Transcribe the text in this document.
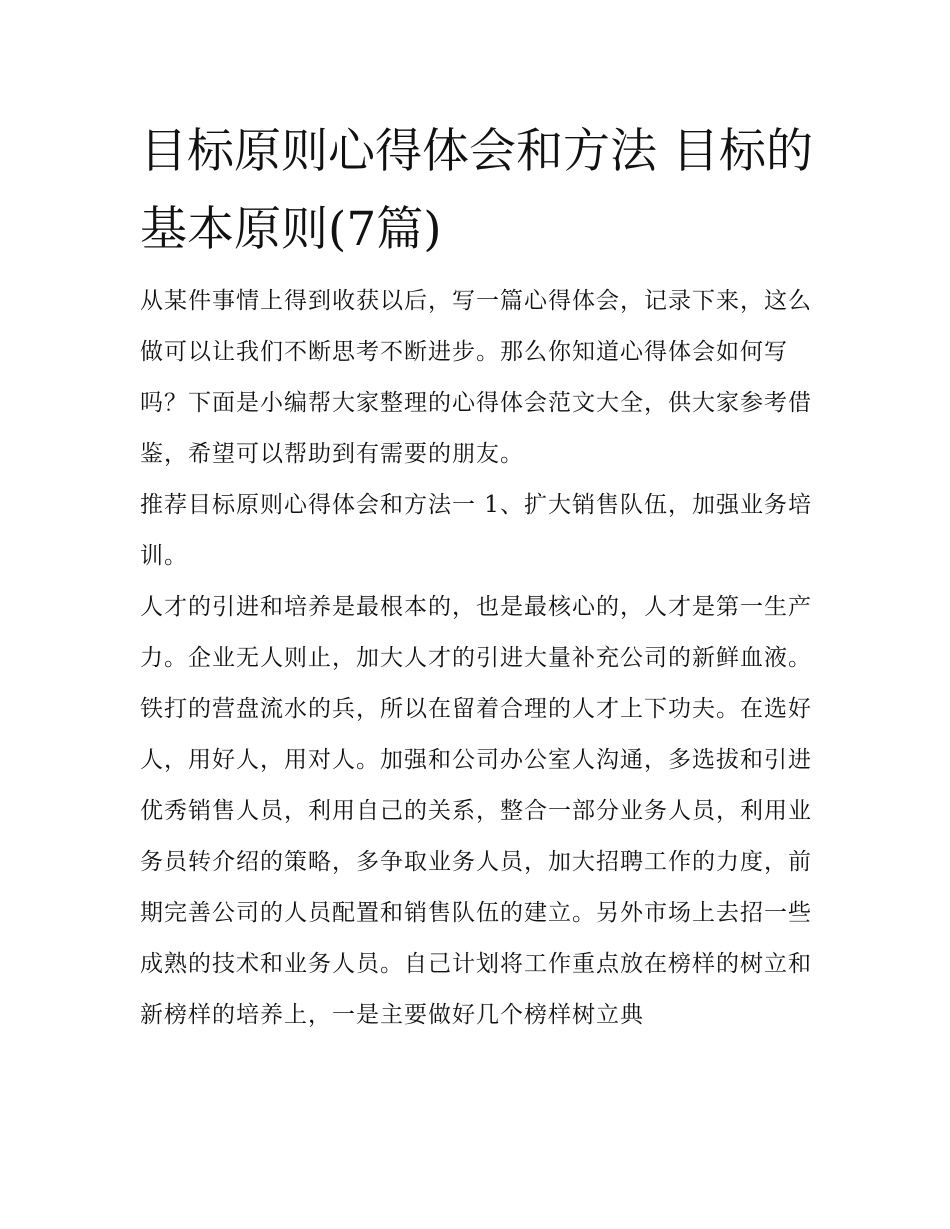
目标原则心得体会和方法 目标的基本原则(7篇)

从某件事情上得到收获以后，写一篇心得体会，记录下来，这么做可以让我们不断思考不断进步。那么你知道心得体会如何写吗？下面是小编帮大家整理的心得体会范文大全，供大家参考借鉴，希望可以帮助到有需要的朋友。

推荐目标原则心得体会和方法一 1、扩大销售队伍，加强业务培训。

人才的引进和培养是最根本的，也是最核心的，人才是第一生产力。企业无人则止，加大人才的引进大量补充公司的新鲜血液。

铁打的营盘流水的兵，所以在留着合理的人才上下功夫。在选好人，用好人，用对人。加强和公司办公室人沟通，多选拔和引进优秀销售人员，利用自己的关系，整合一部分业务人员，利用业务员转介绍的策略，多争取业务人员，加大招聘工作的力度，前期完善公司的人员配置和销售队伍的建立。另外市场上去招一些成熟的技术和业务人员。自己计划将工作重点放在榜样的树立和新榜样的培养上，一是主要做好几个榜样树立典
